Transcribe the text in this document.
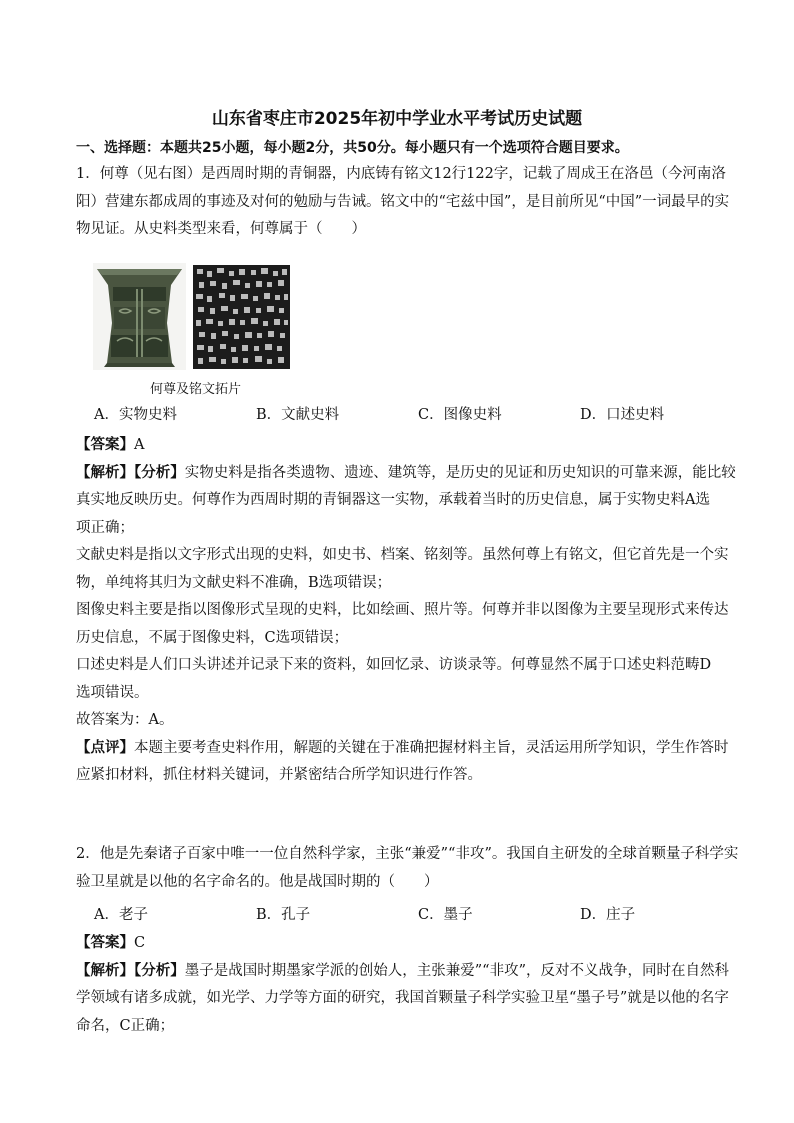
山东省枣庄市2025年初中学业水平考试历史试题
一、选择题：本题共25小题，每小题2分，共50分。每小题只有一个选项符合题目要求。

1．何尊（见右图）是西周时期的青铜器，内底铸有铭文12行122字，记载了周成王在洛邑（今河南洛

阳）营建东都成周的事迹及对何的勉励与告诫。铭文中的“宅兹中国”，是目前所见“中国”一词最早的实

物见证。从史料类型来看，何尊属于（　　）

何尊及铭文拓片
A．实物史料	B．文献史料	C．图像史料	D．口述史料

【答案】A

【解析】【分析】实物史料是指各类遗物、遗迹、建筑等，是历史的见证和历史知识的可靠来源，能比较

真实地反映历史。何尊作为西周时期的青铜器这一实物，承载着当时的历史信息，属于实物史料A选

项正确；

文献史料是指以文字形式出现的史料，如史书、档案、铭刻等。虽然何尊上有铭文，但它首先是一个实

物，单纯将其归为文献史料不准确，B选项错误；

图像史料主要是指以图像形式呈现的史料，比如绘画、照片等。何尊并非以图像为主要呈现形式来传达

历史信息，不属于图像史料，C选项错误；

口述史料是人们口头讲述并记录下来的资料，如回忆录、访谈录等。何尊显然不属于口述史料范畴D

选项错误。

故答案为：A。

【点评】本题主要考查史料作用，解题的关键在于准确把握材料主旨，灵活运用所学知识，学生作答时

应紧扣材料，抓住材料关键词，并紧密结合所学知识进行作答。

2．他是先秦诸子百家中唯一一位自然科学家，主张“兼爱”“非攻”。我国自主研发的全球首颗量子科学实

验卫星就是以他的名字命名的。他是战国时期的（　　）

A．老子	B．孔子	C．墨子	D．庄子

【答案】C

【解析】【分析】墨子是战国时期墨家学派的创始人，主张兼爱”“非攻”，反对不义战争，同时在自然科

学领域有诸多成就，如光学、力学等方面的研究，我国首颗量子科学实验卫星“墨子号”就是以他的名字

命名，C正确；
